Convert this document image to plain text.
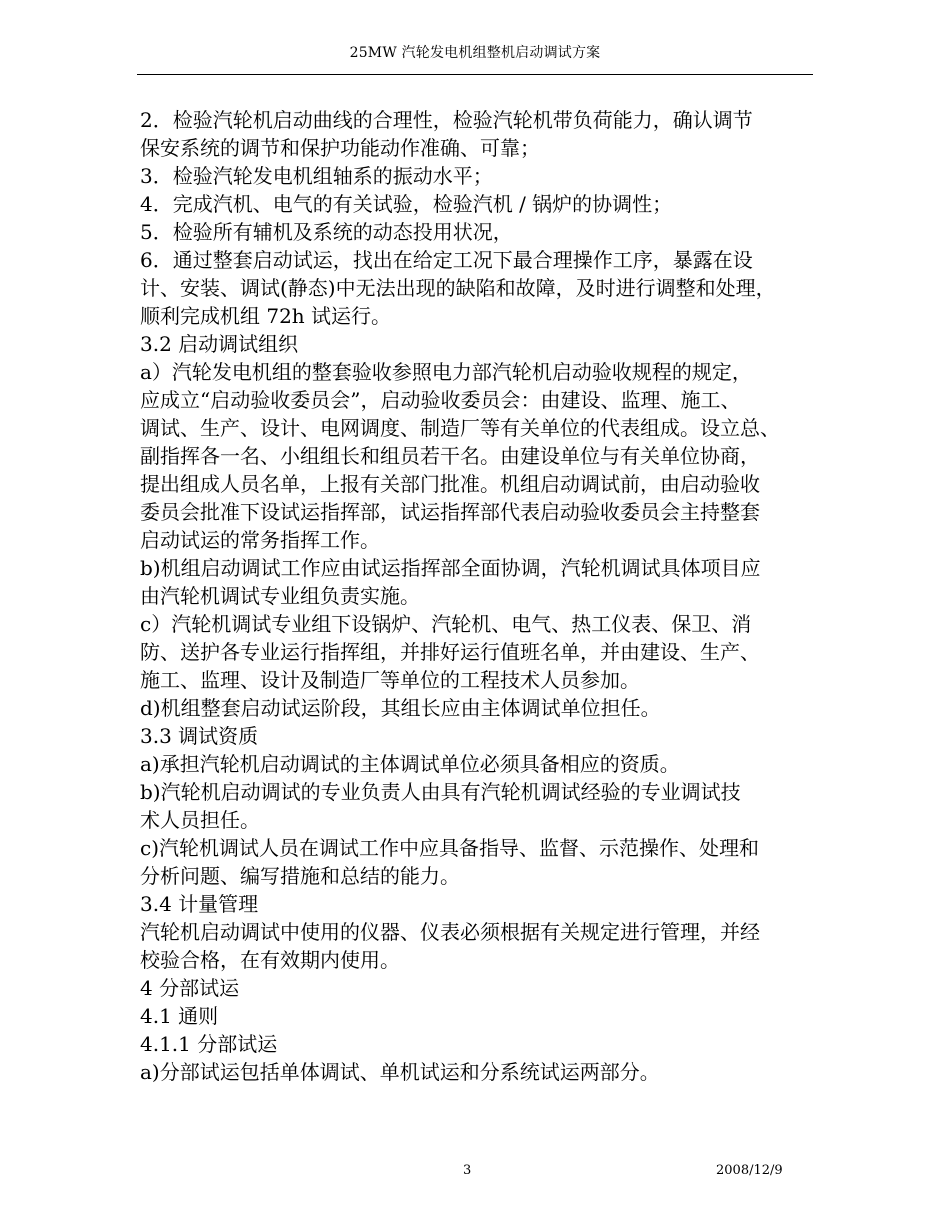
25MW 汽轮发电机组整机启动调试方案
2．检验汽轮机启动曲线的合理性，检验汽轮机带负荷能力，确认调节
保安系统的调节和保护功能动作准确、可靠；
3．检验汽轮发电机组轴系的振动水平；
4．完成汽机、电气的有关试验，检验汽机 / 锅炉的协调性；
5．检验所有辅机及系统的动态投用状况，
6．通过整套启动试运，找出在给定工况下最合理操作工序，暴露在设
计、安装、调试(静态)中无法出现的缺陷和故障，及时进行调整和处理，
顺利完成机组 72h 试运行。
3.2 启动调试组织
a）汽轮发电机组的整套验收参照电力部汽轮机启动验收规程的规定，
应成立“启动验收委员会”，启动验收委员会：由建设、监理、施工、
调试、生产、设计、电网调度、制造厂等有关单位的代表组成。设立总、
副指挥各一名、小组组长和组员若干名。由建设单位与有关单位协商，
提出组成人员名单，上报有关部门批准。机组启动调试前，由启动验收
委员会批准下设试运指挥部，试运指挥部代表启动验收委员会主持整套
启动试运的常务指挥工作。
b)机组启动调试工作应由试运指挥部全面协调，汽轮机调试具体项目应
由汽轮机调试专业组负责实施。
c）汽轮机调试专业组下设锅炉、汽轮机、电气、热工仪表、保卫、消
防、送护各专业运行指挥组，并排好运行值班名单，并由建设、生产、
施工、监理、设计及制造厂等单位的工程技术人员参加。
d)机组整套启动试运阶段，其组长应由主体调试单位担任。
3.3 调试资质
a)承担汽轮机启动调试的主体调试单位必须具备相应的资质。
b)汽轮机启动调试的专业负责人由具有汽轮机调试经验的专业调试技
术人员担任。
c)汽轮机调试人员在调试工作中应具备指导、监督、示范操作、处理和
分析问题、编写措施和总结的能力。
3.4 计量管理
汽轮机启动调试中使用的仪器、仪表必须根据有关规定进行管理，并经
校验合格，在有效期内使用。
4 分部试运
4.1 通则
4.1.1 分部试运
a)分部试运包括单体调试、单机试运和分系统试运两部分。
3	2008/12/9
